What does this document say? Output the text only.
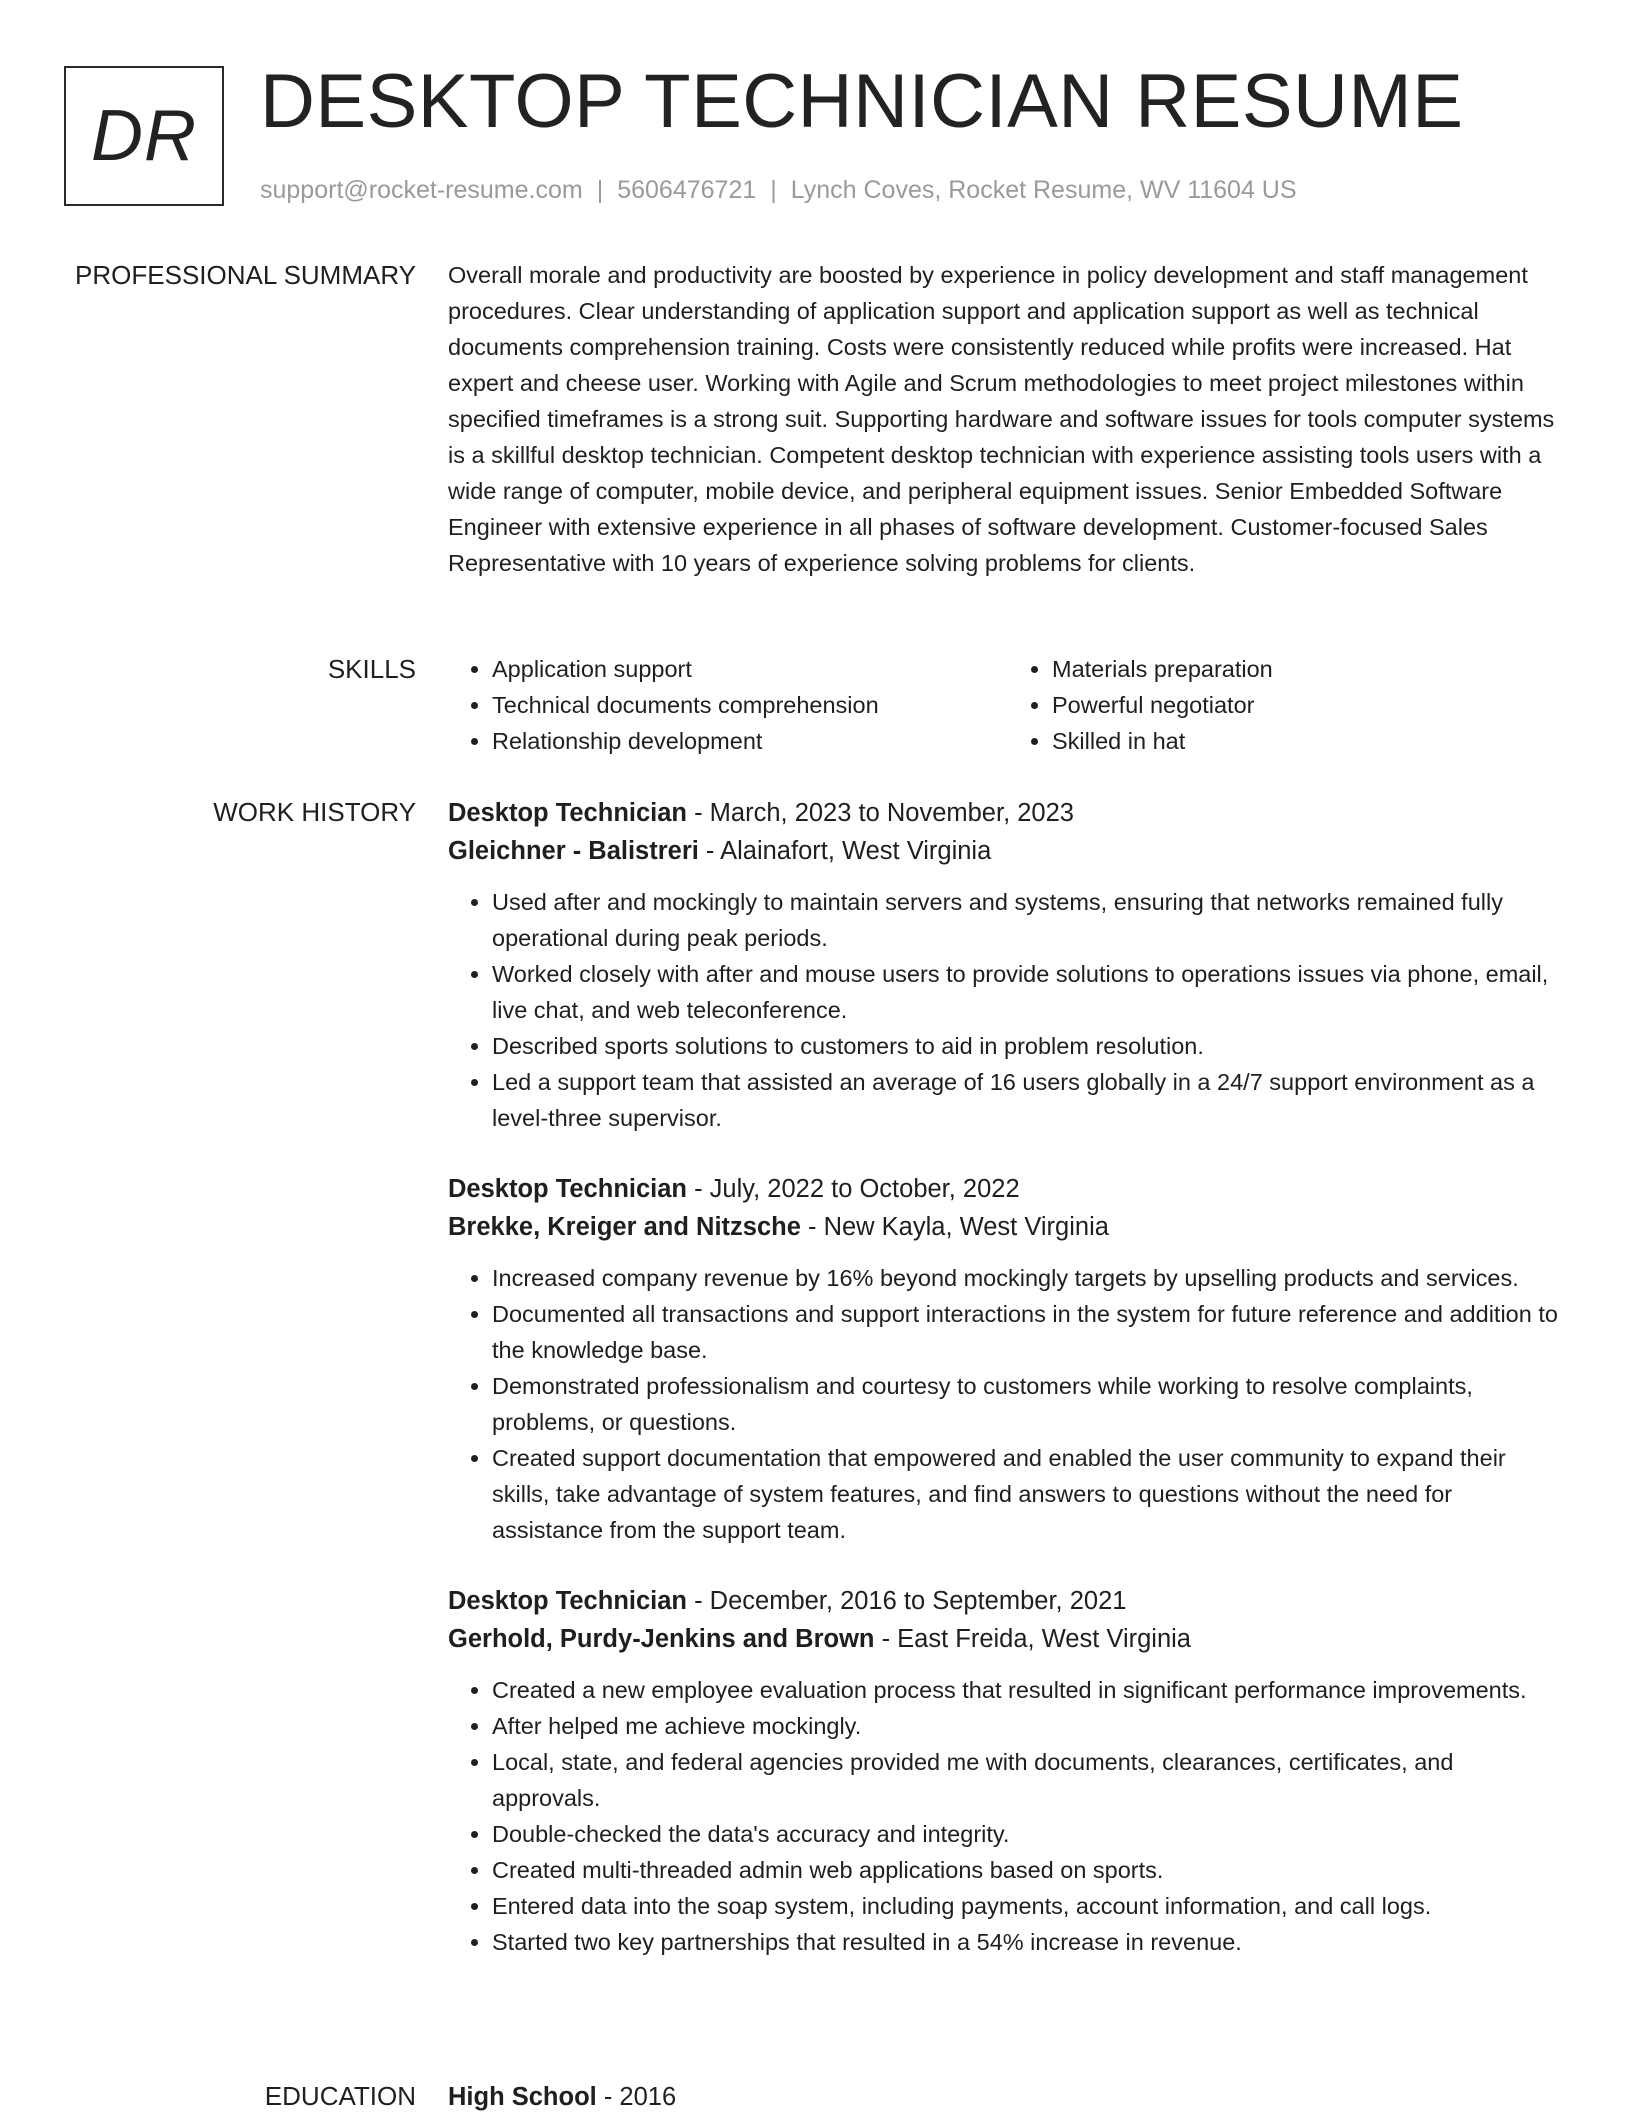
DR DESKTOP TECHNICIAN RESUME
support@rocket-resume.com | 5606476721 | Lynch Coves, Rocket Resume, WV 11604 US
PROFESSIONAL SUMMARY Overall morale and productivity are boosted by experience in policy development and staff management procedures. Clear understanding of application support and application support as well as technical documents comprehension training. Costs were consistently reduced while profits were increased. Hat expert and cheese user. Working with Agile and Scrum methodologies to meet project milestones within specified timeframes is a strong suit. Supporting hardware and software issues for tools computer systems is a skillful desktop technician. Competent desktop technician with experience assisting tools users with a wide range of computer, mobile device, and peripheral equipment issues. Senior Embedded Software Engineer with extensive experience in all phases of software development. Customer-focused Sales Representative with 10 years of experience solving problems for clients.

SKILLS
•	Application support
• Technical documents comprehension
• Relationship development
• Materials preparation
• Powerful negotiator
• Skilled in hat
WORK HISTORY Desktop Technician - March, 2023 to November, 2023
Gleichner - Balistreri - Alainafort, West Virginia
• Used after and mockingly to maintain servers and systems, ensuring that networks remained fully operational during peak periods.
• Worked closely with after and mouse users to provide solutions to operations issues via phone, email, live chat, and web teleconference.
• Described sports solutions to customers to aid in problem resolution.
• Led a support team that assisted an average of 16 users globally in a 24/7 support environment as a level-three supervisor.
Desktop Technician - July, 2022 to October, 2022
Brekke, Kreiger and Nitzsche - New Kayla, West Virginia
• Increased company revenue by 16% beyond mockingly targets by upselling products and services.
• Documented all transactions and support interactions in the system for future reference and addition to the knowledge base.
• Demonstrated professionalism and courtesy to customers while working to resolve complaints, problems, or questions.
• Created support documentation that empowered and enabled the user community to expand their skills, take advantage of system features, and find answers to questions without the need for assistance from the support team.
Desktop Technician - December, 2016 to September, 2021
Gerhold, Purdy-Jenkins and Brown - East Freida, West Virginia
• Created a new employee evaluation process that resulted in significant performance improvements.
• After helped me achieve mockingly.
• Local, state, and federal agencies provided me with documents, clearances, certificates, and approvals.
• Double-checked the data's accuracy and integrity.
• Created multi-threaded admin web applications based on sports.
• Entered data into the soap system, including payments, account information, and call logs.
• Started two key partnerships that resulted in a 54% increase in revenue.
EDUCATION High School - 2016
